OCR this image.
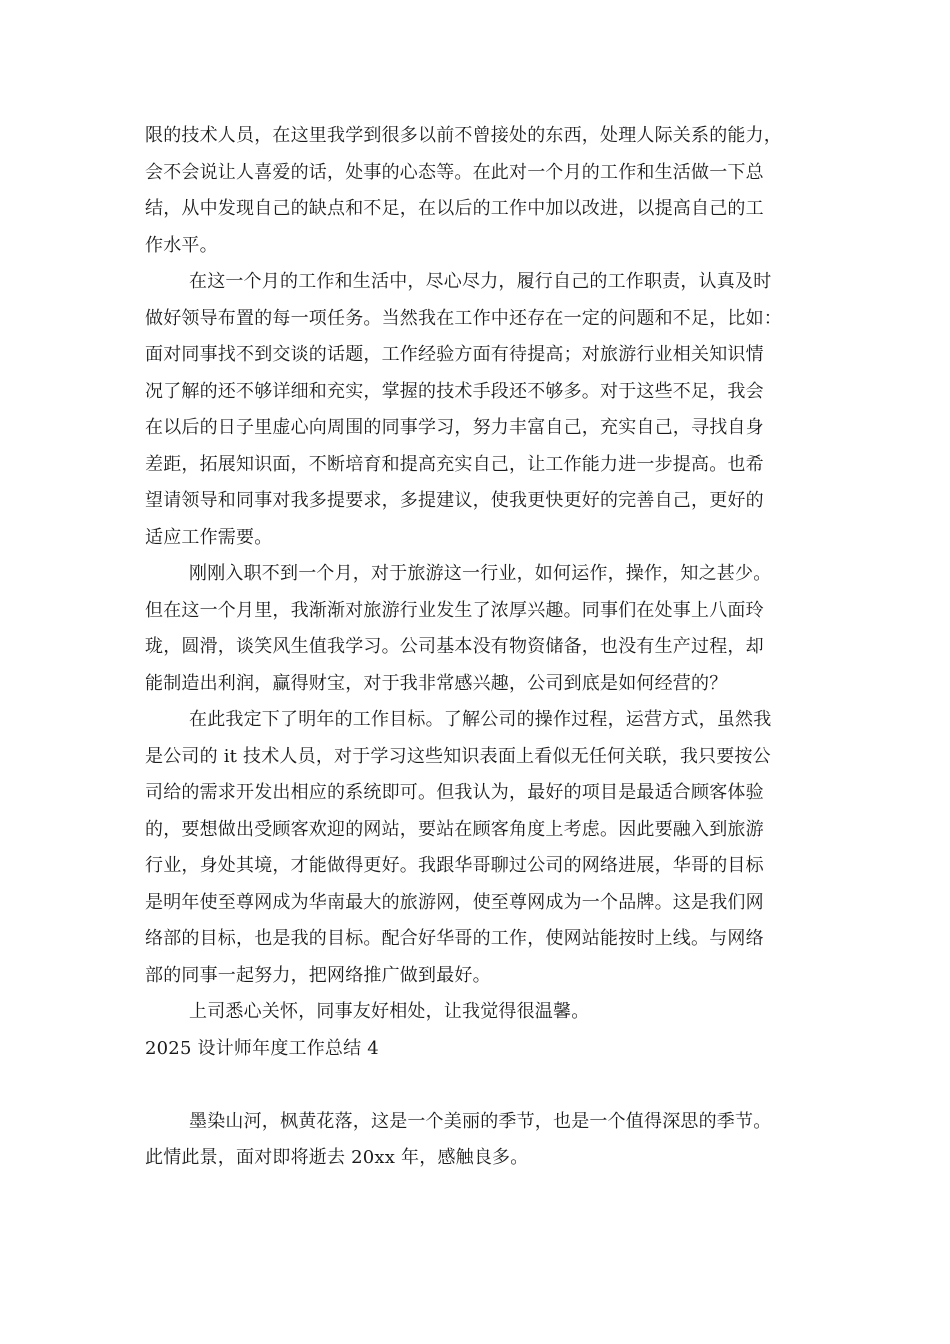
限的技术人员，在这里我学到很多以前不曾接处的东西，处理人际关系的能力，
会不会说让人喜爱的话，处事的心态等。在此对一个月的工作和生活做一下总
结，从中发现自己的缺点和不足，在以后的工作中加以改进，以提高自己的工
作水平。
在这一个月的工作和生活中，尽心尽力，履行自己的工作职责，认真及时
做好领导布置的每一项任务。当然我在工作中还存在一定的问题和不足，比如：
面对同事找不到交谈的话题，工作经验方面有待提高；对旅游行业相关知识情
况了解的还不够详细和充实，掌握的技术手段还不够多。对于这些不足，我会
在以后的日子里虚心向周围的同事学习，努力丰富自己，充实自己，寻找自身
差距，拓展知识面，不断培育和提高充实自己，让工作能力进一步提高。也希
望请领导和同事对我多提要求，多提建议，使我更快更好的完善自己，更好的
适应工作需要。
刚刚入职不到一个月，对于旅游这一行业，如何运作，操作，知之甚少。
但在这一个月里，我渐渐对旅游行业发生了浓厚兴趣。同事们在处事上八面玲
珑，圆滑，谈笑风生值我学习。公司基本没有物资储备，也没有生产过程，却
能制造出利润，赢得财宝，对于我非常感兴趣，公司到底是如何经营的？
在此我定下了明年的工作目标。了解公司的操作过程，运营方式，虽然我
是公司的 it 技术人员，对于学习这些知识表面上看似无任何关联，我只要按公
司给的需求开发出相应的系统即可。但我认为，最好的项目是最适合顾客体验
的，要想做出受顾客欢迎的网站，要站在顾客角度上考虑。因此要融入到旅游
行业，身处其境，才能做得更好。我跟华哥聊过公司的网络进展，华哥的目标
是明年使至尊网成为华南最大的旅游网，使至尊网成为一个品牌。这是我们网
络部的目标，也是我的目标。配合好华哥的工作，使网站能按时上线。与网络
部的同事一起努力，把网络推广做到最好。
上司悉心关怀，同事友好相处，让我觉得很温馨。
2025 设计师年度工作总结 4
墨染山河，枫黄花落，这是一个美丽的季节，也是一个值得深思的季节。
此情此景，面对即将逝去 20xx 年，感触良多。
